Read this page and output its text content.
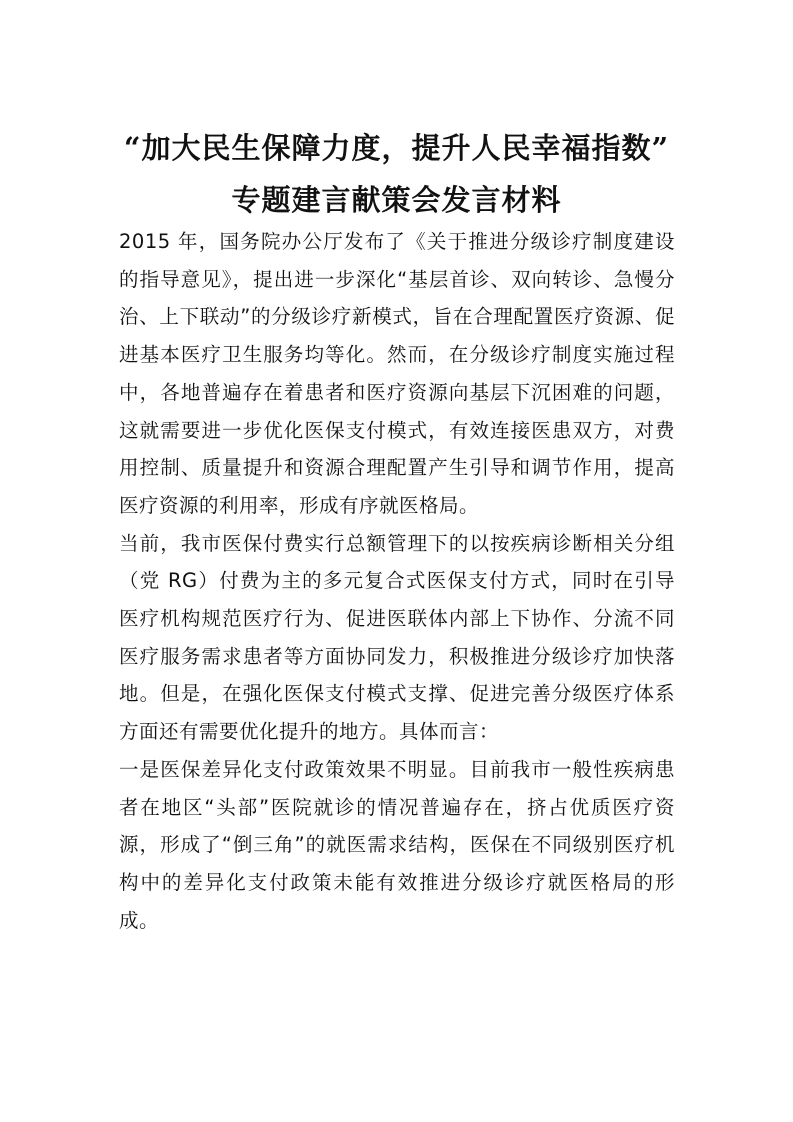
“加大民生保障力度，提升人民幸福指数”
专题建言献策会发言材料

2015 年，国务院办公厅发布了《关于推进分级诊疗制度建设的指导意见》，提出进一步深化“基层首诊、双向转诊、急慢分治、上下联动”的分级诊疗新模式，旨在合理配置医疗资源、促进基本医疗卫生服务均等化。然而，在分级诊疗制度实施过程中，各地普遍存在着患者和医疗资源向基层下沉困难的问题，这就需要进一步优化医保支付模式，有效连接医患双方，对费用控制、质量提升和资源合理配置产生引导和调节作用，提高医疗资源的利用率，形成有序就医格局。

当前，我市医保付费实行总额管理下的以按疾病诊断相关分组（党 RG）付费为主的多元复合式医保支付方式，同时在引导医疗机构规范医疗行为、促进医联体内部上下协作、分流不同医疗服务需求患者等方面协同发力，积极推进分级诊疗加快落地。但是，在强化医保支付模式支撑、促进完善分级医疗体系方面还有需要优化提升的地方。具体而言：

一是医保差异化支付政策效果不明显。目前我市一般性疾病患者在地区“头部”医院就诊的情况普遍存在，挤占优质医疗资源，形成了“倒三角”的就医需求结构，医保在不同级别医疗机构中的差异化支付政策未能有效推进分级诊疗就医格局的形成。
